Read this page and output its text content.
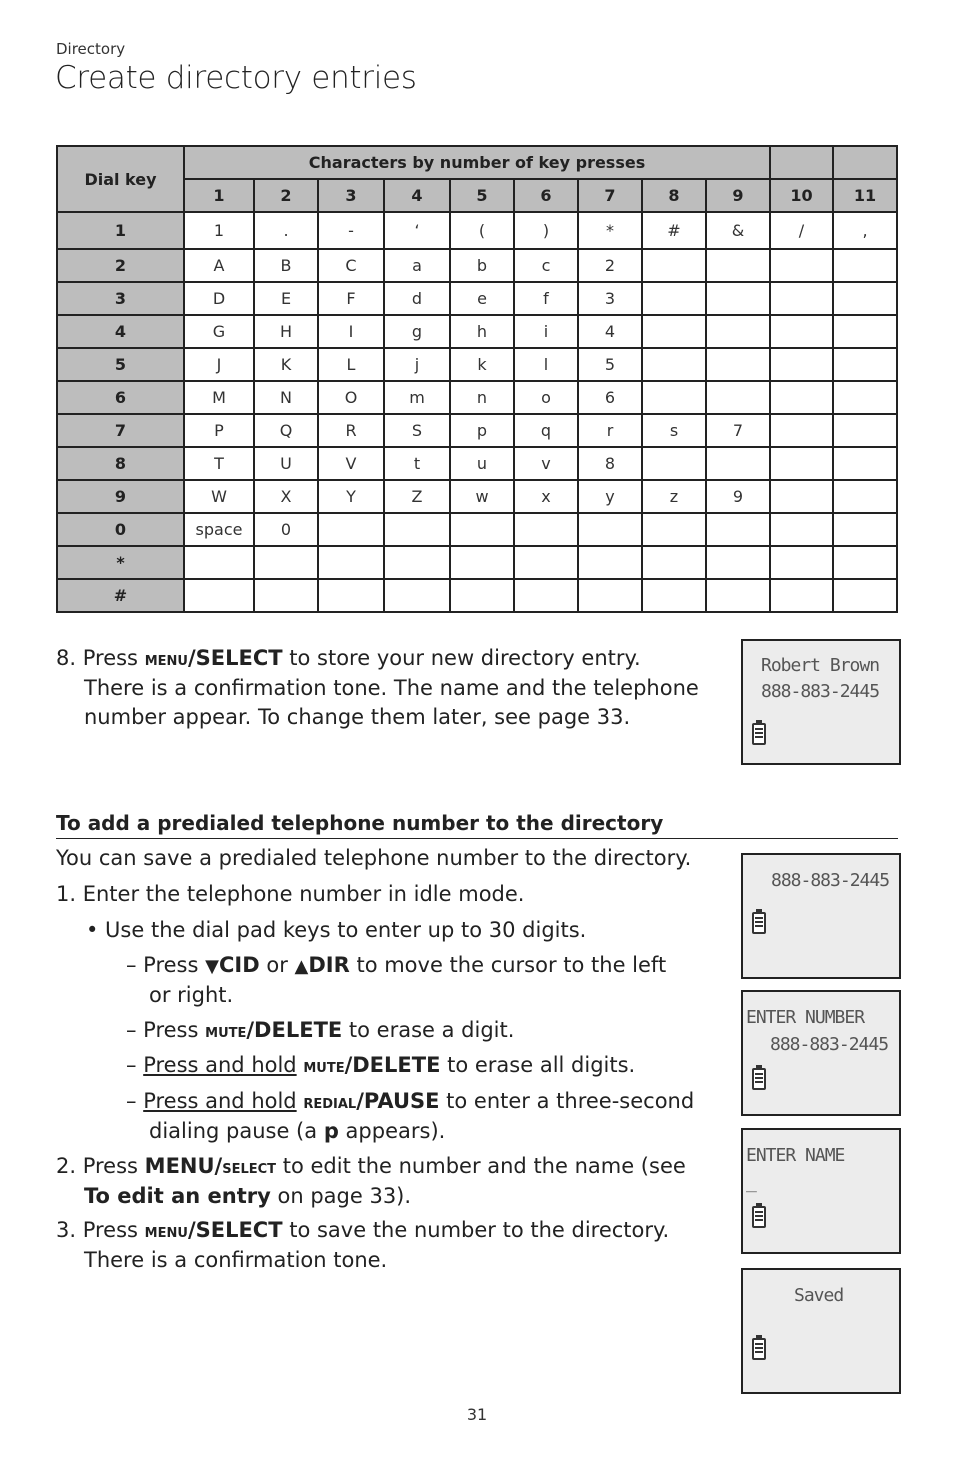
Directory
Create directory entries
Dial key	Characters by number of key presses										
	1	2	3	4	5	6	7	8	9	10	11
1	1	.	-	‘	(	)	*	#	&	/	,
2	A	B	C	a	b	c	2				
3	D	E	F	d	e	f	3				
4	G	H	I	g	h	i	4				
5	J	K	L	j	k	l	5				
6	M	N	O	m	n	o	6				
7	P	Q	R	S	p	q	r	s	7		
8	T	U	V	t	u	v	8				
9	W	X	Y	Z	w	x	y	z	9		
0	space	0									
*											
#											
8. Press menu/SELECT to store your new directory entry.
There is a confirmation tone. The name and the telephone
number appear. To change them later, see page 33.
Robert Brown
888-883-2445
To add a predialed telephone number to the directory
888-883-2445
ENTER NUMBER
888-883-2445
ENTER NAME
_
Saved
You can save a predialed telephone number to the directory.
1. Enter the telephone number in idle mode.
• Use the dial pad keys to enter up to 30 digits.
– Press ▼CID or ▲DIR to move the cursor to the left
or right.
– Press mute/DELETE to erase a digit.
– Press and hold mute/DELETE to erase all digits.
– Press and hold redial/PAUSE to enter a three-second
dialing pause (a p appears).
2. Press MENU/select to edit the number and the name (see
To edit an entry on page 33).
3. Press menu/SELECT to save the number to the directory.
There is a confirmation tone.
31
